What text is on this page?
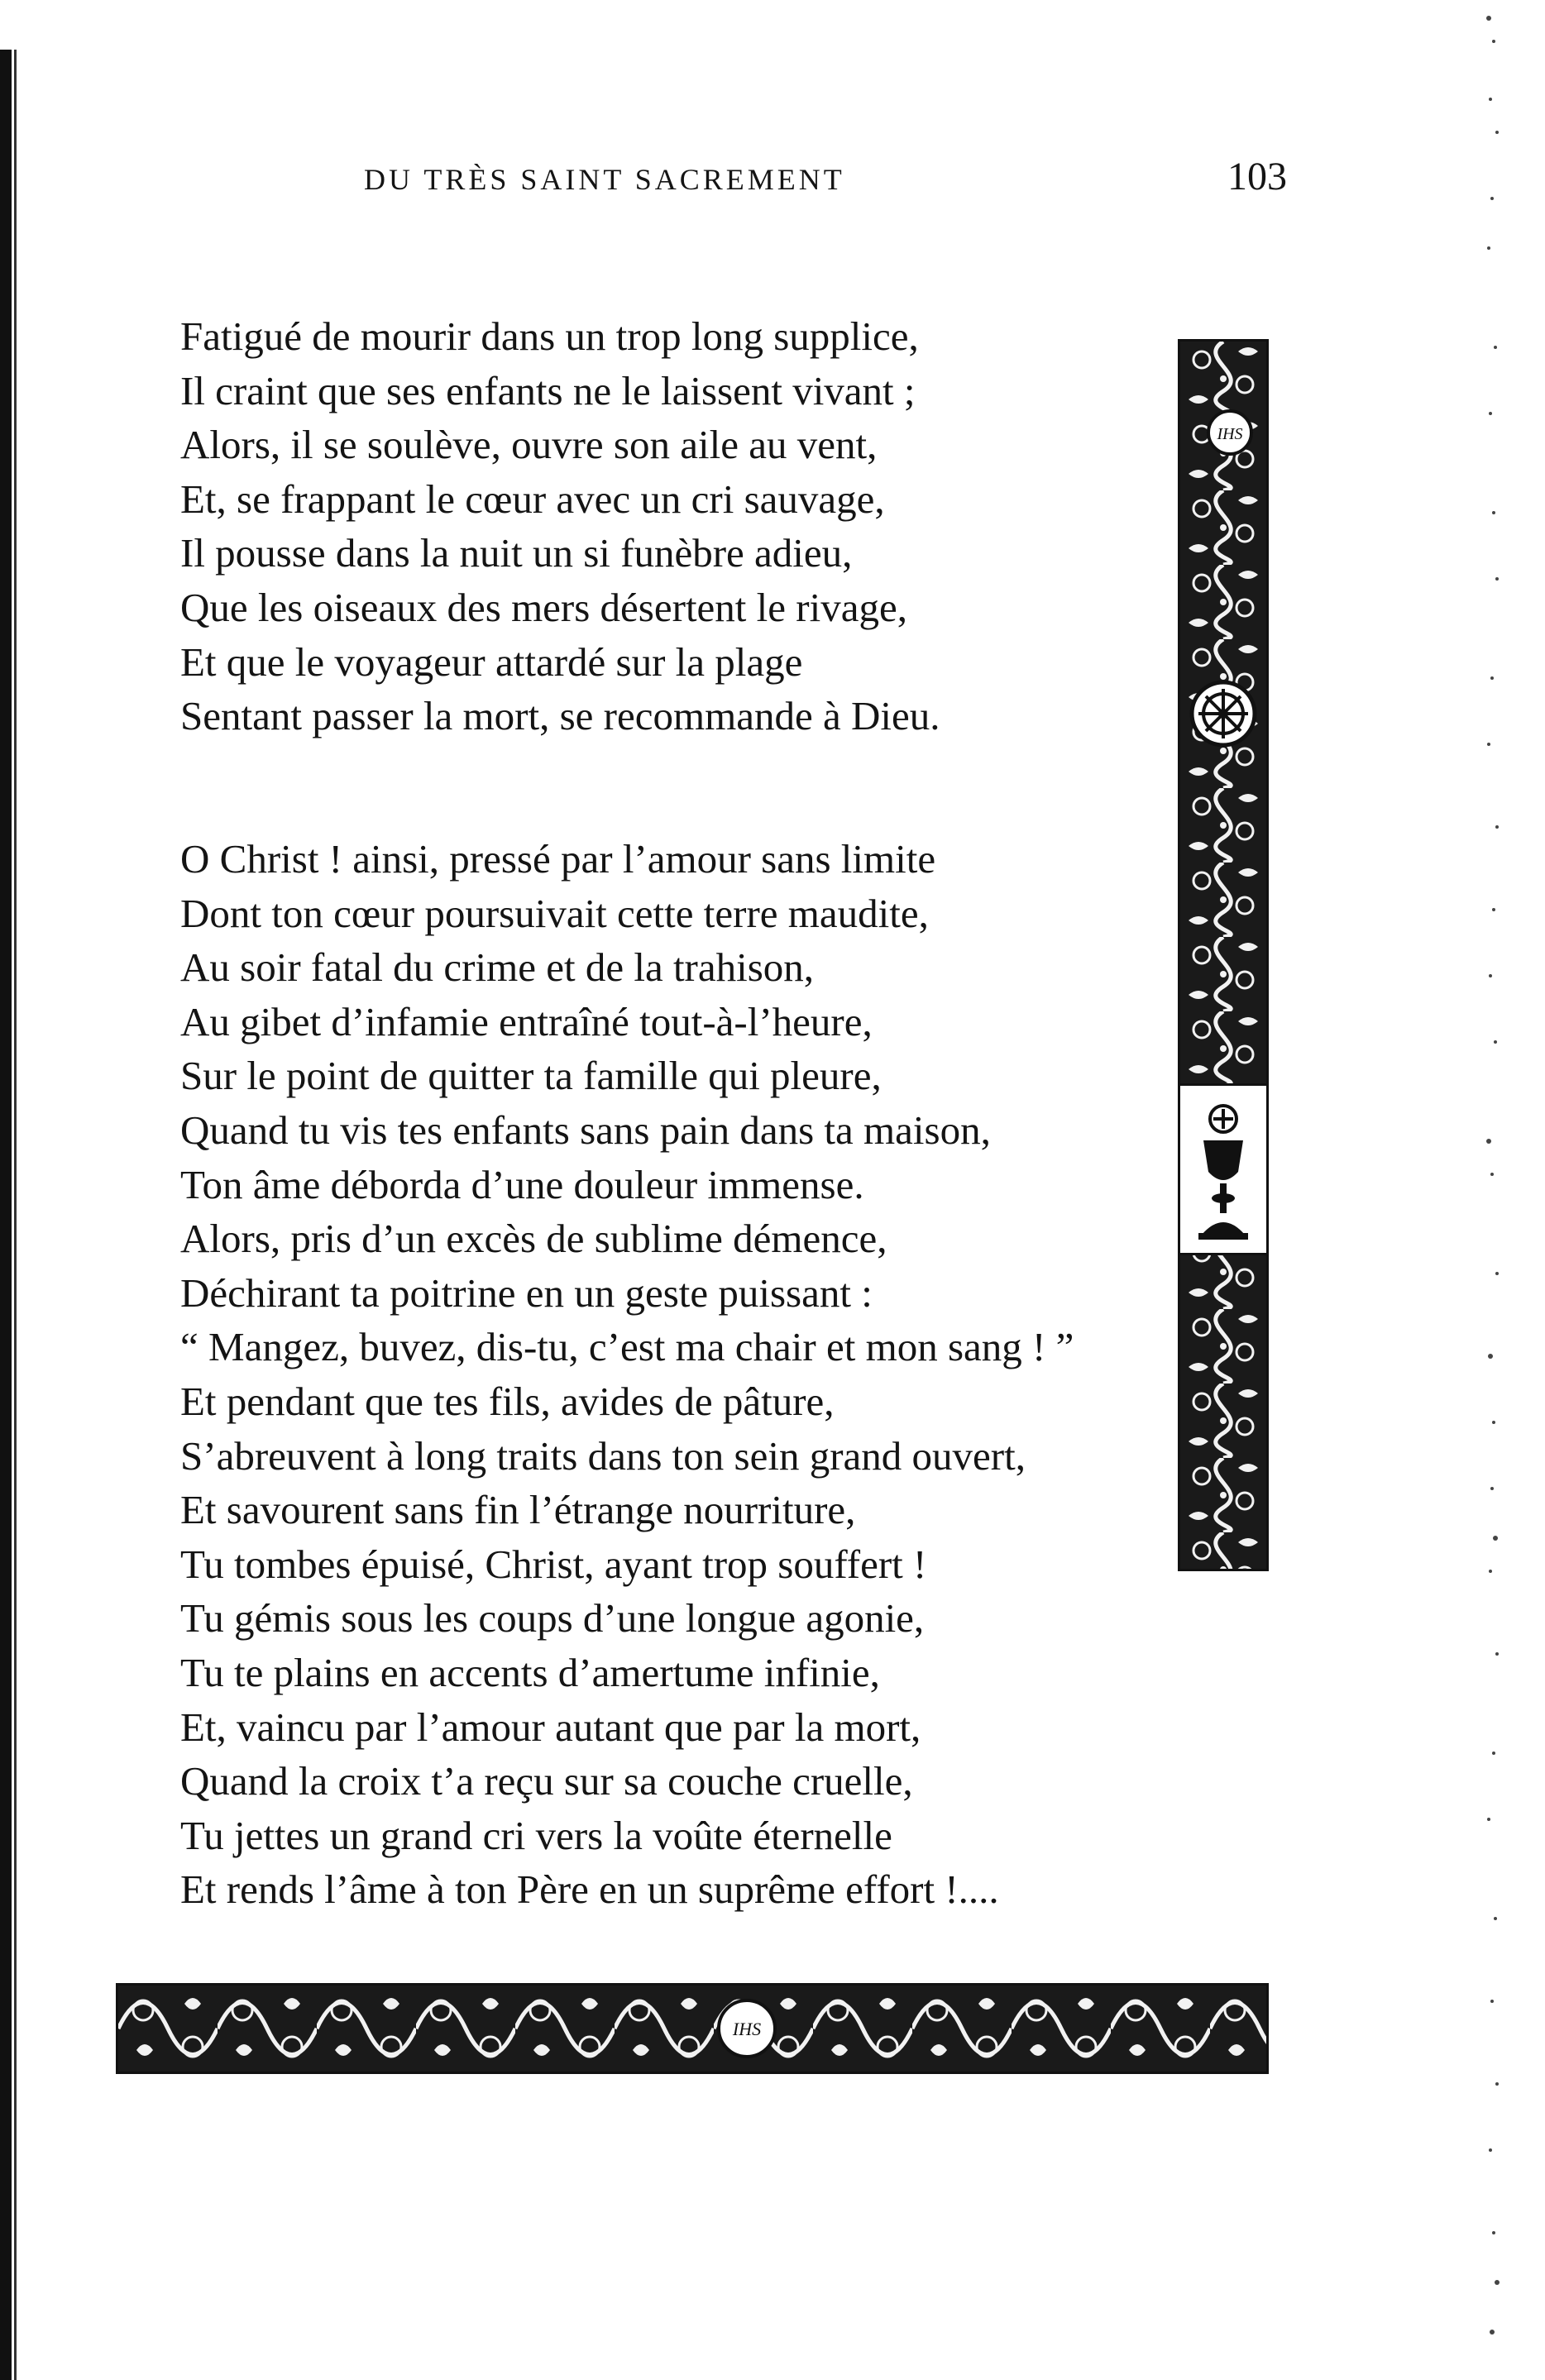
DU TRÈS SAINT SACREMENT	103
Fatigué de mourir dans un trop long supplice,
Il craint que ses enfants ne le laissent vivant ;
Alors, il se soulève, ouvre son aile au vent,
Et, se frappant le cœur avec un cri sauvage,
Il pousse dans la nuit un si funèbre adieu,
Que les oiseaux des mers désertent le rivage,
Et que le voyageur attardé sur la plage
Sentant passer la mort, se recommande à Dieu.
O Christ ! ainsi, pressé par l’amour sans limite
Dont ton cœur poursuivait cette terre maudite,
Au soir fatal du crime et de la trahison,
Au gibet d’infamie entraîné tout-à-l’heure,
Sur le point de quitter ta famille qui pleure,
Quand tu vis tes enfants sans pain dans ta maison,
Ton âme déborda d’une douleur immense.
Alors, pris d’un excès de sublime démence,
Déchirant ta poitrine en un geste puissant :
“ Mangez, buvez, dis-tu, c’est ma chair et mon sang ! ”
Et pendant que tes fils, avides de pâture,
S’abreuvent à long traits dans ton sein grand ouvert,
Et savourent sans fin l’étrange nourriture,
Tu tombes épuisé, Christ, ayant trop souffert !
Tu gémis sous les coups d’une longue agonie,
Tu te plains en accents d’amertume infinie,
Et, vaincu par l’amour autant que par la mort,
Quand la croix t’a reçu sur sa couche cruelle,
Tu jettes un grand cri vers la voûte éternelle
Et rends l’âme à ton Père en un suprême effort !....
IHS
IHS
